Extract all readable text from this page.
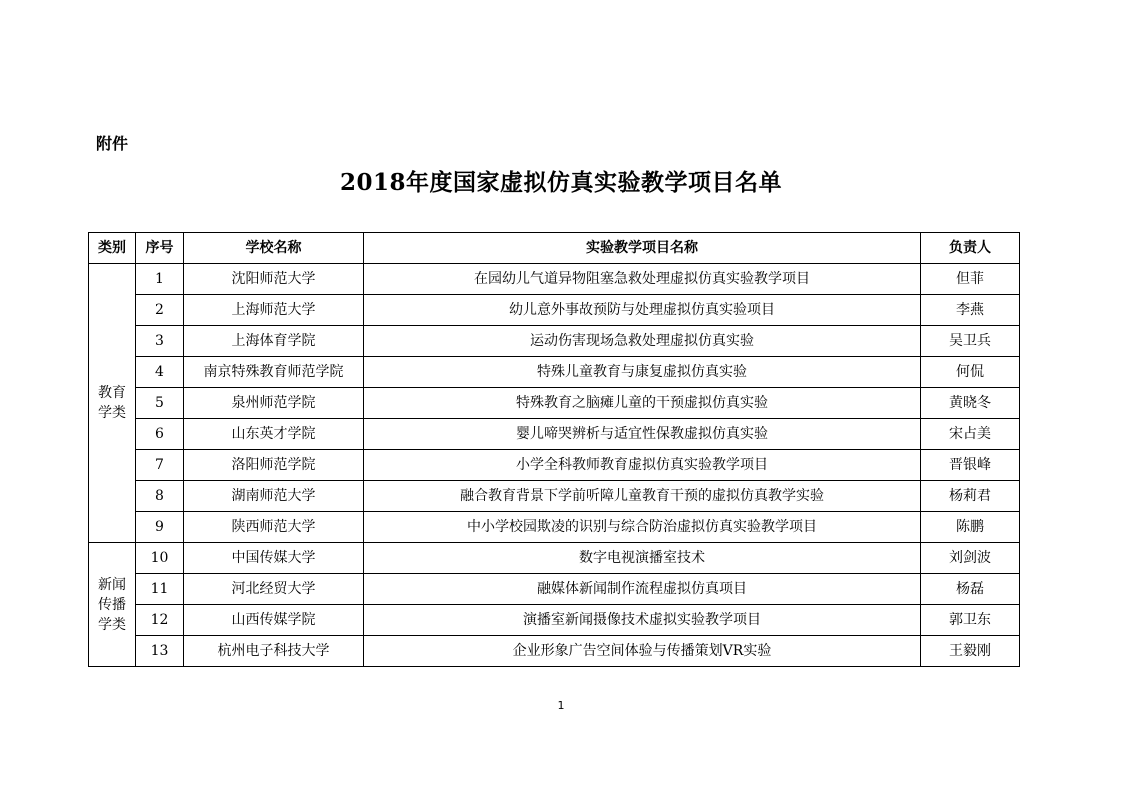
附件
2018年度国家虚拟仿真实验教学项目名单
类别	序号	学校名称	实验教学项目名称	负责人

教育
学类	1	沈阳师范大学	在园幼儿气道异物阻塞急救处理虚拟仿真实验教学项目	但菲
	2	上海师范大学	幼儿意外事故预防与处理虚拟仿真实验项目	李燕
	3	上海体育学院	运动伤害现场急救处理虚拟仿真实验	吴卫兵
	4	南京特殊教育师范学院	特殊儿童教育与康复虚拟仿真实验	何侃
	5	泉州师范学院	特殊教育之脑瘫儿童的干预虚拟仿真实验	黄晓冬
	6	山东英才学院	婴儿啼哭辨析与适宜性保教虚拟仿真实验	宋占美
	7	洛阳师范学院	小学全科教师教育虚拟仿真实验教学项目	晋银峰
	8	湖南师范大学	融合教育背景下学前听障儿童教育干预的虚拟仿真教学实验	杨莉君
	9	陕西师范大学	中小学校园欺凌的识别与综合防治虚拟仿真实验教学项目	陈鹏

新闻
传播
学类	10	中国传媒大学	数字电视演播室技术	刘剑波
	11	河北经贸大学	融媒体新闻制作流程虚拟仿真项目	杨磊
	12	山西传媒学院	演播室新闻摄像技术虚拟实验教学项目	郭卫东
	13	杭州电子科技大学	企业形象广告空间体验与传播策划VR实验	王毅刚
1
